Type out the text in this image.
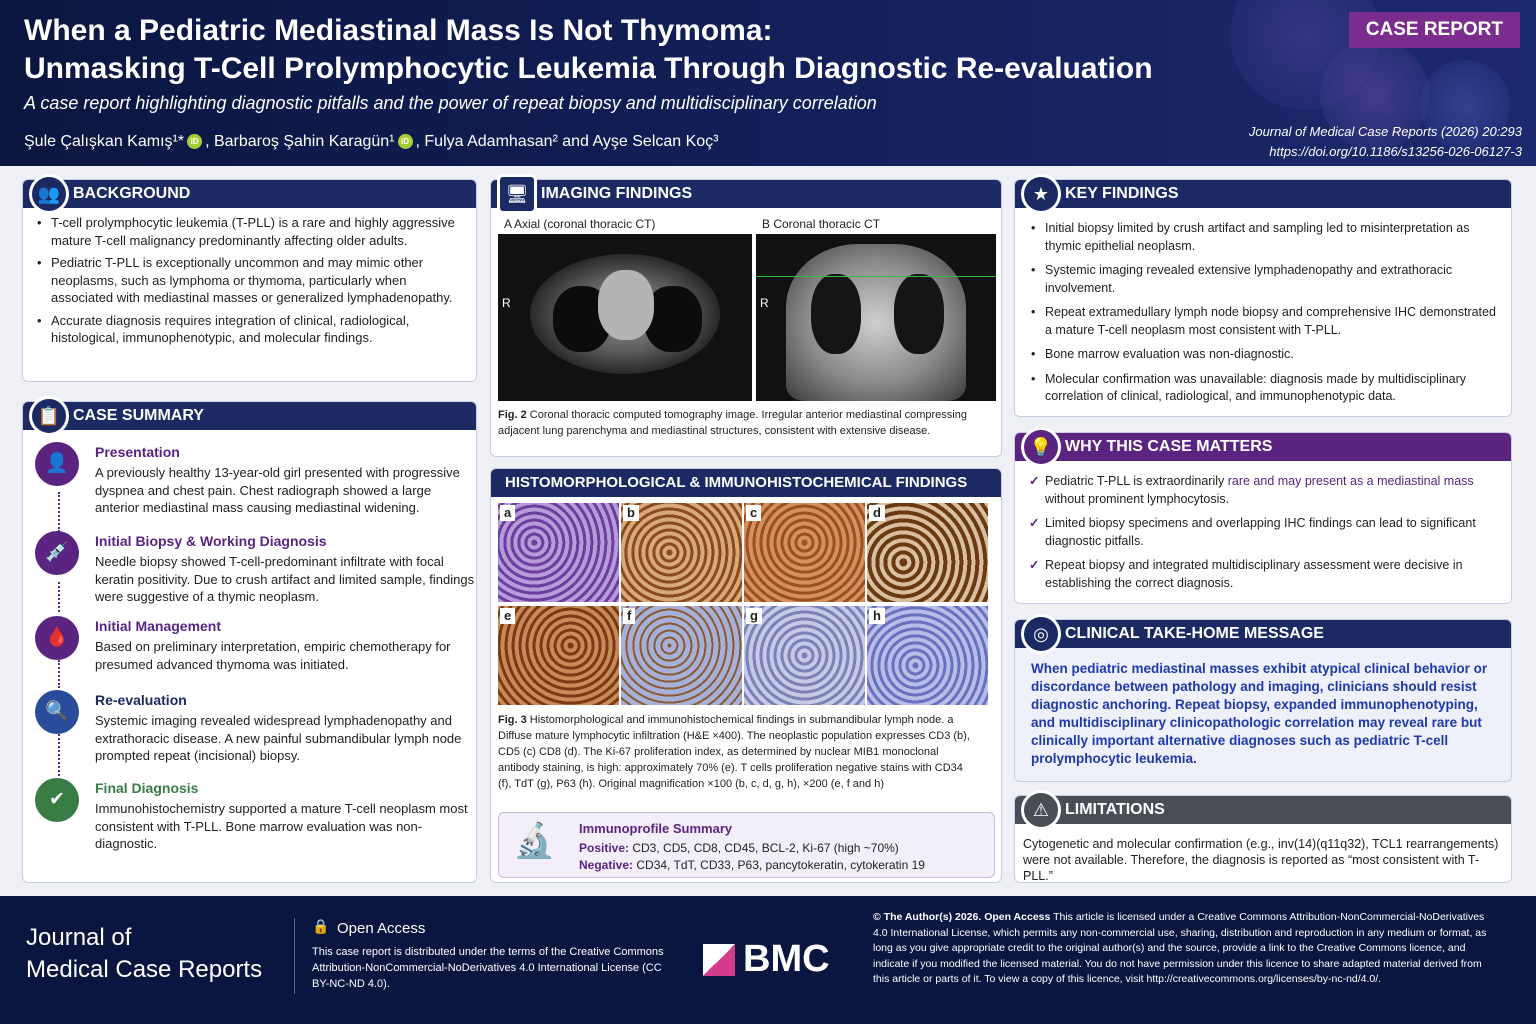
When a Pediatric Mediastinal Mass Is Not Thymoma:
Unmasking T-Cell Prolymphocytic Leukemia Through Diagnostic Re-evaluation
A case report highlighting diagnostic pitfalls and the power of repeat biopsy and multidisciplinary correlation
Şule Çalışkan Kamış¹* iD , Barbaroş Şahin Karagün¹ iD , Fulya Adamhasan² and Ayşe Selcan Koç³
CASE REPORT
Journal of Medical Case Reports (2026) 20:293
https://doi.org/10.1186/s13256-026-06127-3
BACKGROUND
👥
• T-cell prolymphocytic leukemia (T-PLL) is a rare and highly aggressive mature T-cell malignancy predominantly affecting older adults.
• Pediatric T-PLL is exceptionally uncommon and may mimic other neoplasms, such as lymphoma or thymoma, particularly when associated with mediastinal masses or generalized lymphadenopathy.
• Accurate diagnosis requires integration of clinical, radiological, histological, immunophenotypic, and molecular findings.
CASE SUMMARY
📋
👤
Presentation
A previously healthy 13-year-old girl presented with progressive dyspnea and chest pain. Chest radiograph showed a large anterior mediastinal mass causing mediastinal widening.
💉
Initial Biopsy & Working Diagnosis
Needle biopsy showed T-cell-predominant infiltrate with focal keratin positivity. Due to crush artifact and limited sample, findings were suggestive of a thymic neoplasm.
🩸
Initial Management
Based on preliminary interpretation, empiric chemotherapy for presumed advanced thymoma was initiated.
🔍
Re-evaluation
Systemic imaging revealed widespread lymphadenopathy and extrathoracic disease. A new painful submandibular lymph node prompted repeat (incisional) biopsy.
✔
Final Diagnosis
Immunohistochemistry supported a mature T-cell neoplasm most consistent with T-PLL. Bone marrow evaluation was non-diagnostic.
IMAGING FINDINGS
🖥
A Axial (coronal thoracic CT)
R
B Coronal thoracic CT
R
Fig. 2 Coronal thoracic computed tomography image. Irregular anterior mediastinal compressing adjacent lung parenchyma and mediastinal structures, consistent with extensive disease.
HISTOMORPHOLOGICAL & IMMUNOHISTOCHEMICAL FINDINGS
a	b	c	d
e	f	g	h
Fig. 3 Histomorphological and immunohistochemical findings in submandibular lymph node. a Diffuse mature lymphocytic infiltration (H&E ×400). The neoplastic population expresses CD3 (b), CD5 (c) CD8 (d). The Ki-67 proliferation index, as determined by nuclear MIB1 monoclonal antibody staining, is high: approximately 70% (e). T cells proliferation negative stains with CD34 (f), TdT (g), P63 (h). Original magnification ×100 (b, c, d, g, h), ×200 (e, f and h)
🔬 Immunoprofile Summary
Positive: CD3, CD5, CD8, CD45, BCL-2, Ki-67 (high ~70%)
Negative: CD34, TdT, CD33, P63, pancytokeratin, cytokeratin 19
KEY FINDINGS
★
• Initial biopsy limited by crush artifact and sampling led to misinterpretation as thymic epithelial neoplasm.
• Systemic imaging revealed extensive lymphadenopathy and extrathoracic involvement.
• Repeat extramedullary lymph node biopsy and comprehensive IHC demonstrated a mature T-cell neoplasm most consistent with T-PLL.
• Bone marrow evaluation was non-diagnostic.
• Molecular confirmation was unavailable: diagnosis made by multidisciplinary correlation of clinical, radiological, and immunophenotypic data.
WHY THIS CASE MATTERS
💡
✓ Pediatric T-PLL is extraordinarily rare and may present as a mediastinal mass without prominent lymphocytosis.
✓ Limited biopsy specimens and overlapping IHC findings can lead to significant diagnostic pitfalls.
✓ Repeat biopsy and integrated multidisciplinary assessment were decisive in establishing the correct diagnosis.
CLINICAL TAKE-HOME MESSAGE
◎
When pediatric mediastinal masses exhibit atypical clinical behavior or discordance between pathology and imaging, clinicians should resist diagnostic anchoring. Repeat biopsy, expanded immunophenotyping, and multidisciplinary clinicopathologic correlation may reveal rare but clinically important alternative diagnoses such as pediatric T-cell prolymphocytic leukemia.
LIMITATIONS
⚠
Cytogenetic and molecular confirmation (e.g., inv(14)(q11q32), TCL1 rearrangements) were not available. Therefore, the diagnosis is reported as “most consistent with T-PLL.”
Journal of
Medical Case Reports
🔒 Open Access
This case report is distributed under the terms of the Creative Commons Attribution-NonCommercial-NoDerivatives 4.0 International License (CC BY-NC-ND 4.0).
BMC
© The Author(s) 2026. Open Access This article is licensed under a Creative Commons Attribution-NonCommercial-NoDerivatives 4.0 International License, which permits any non-commercial use, sharing, distribution and reproduction in any medium or format, as long as you give appropriate credit to the original author(s) and the source, provide a link to the Creative Commons licence, and indicate if you modified the licensed material. You do not have permission under this licence to share adapted material derived from this article or parts of it. To view a copy of this licence, visit http://creativecommons.org/licenses/by-nc-nd/4.0/.
